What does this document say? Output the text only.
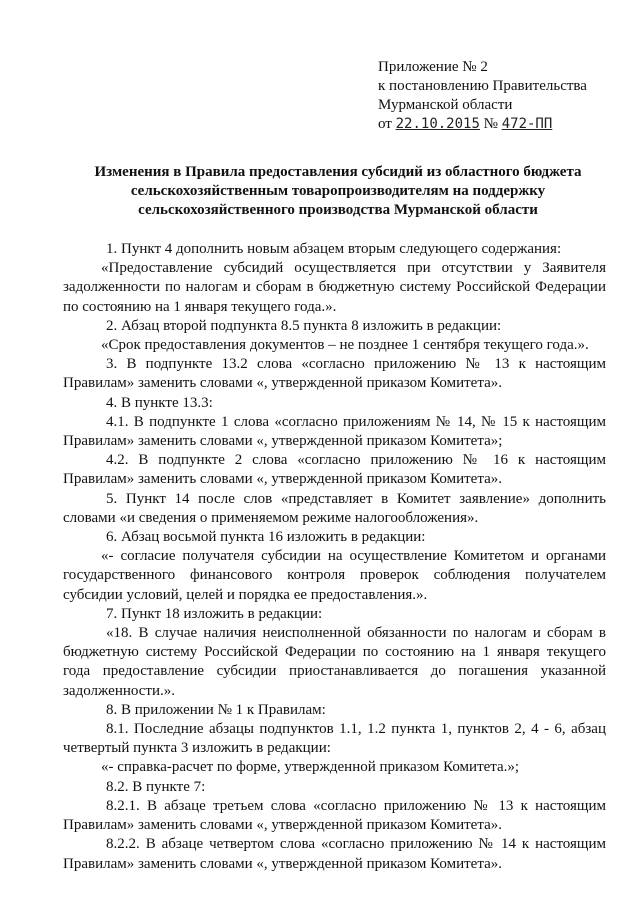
Приложение № 2
к постановлению Правительства
Мурманской области
от 22.10.2015 № 472-ПП
Изменения в Правила предоставления субсидий из областного бюджета
сельскохозяйственным товаропроизводителям на поддержку
сельскохозяйственного производства Мурманской области

1. Пункт 4 дополнить новым абзацем вторым следующего содержания:

«Предоставление субсидий осуществляется при отсутствии у Заявителя задолженности по налогам и сборам в бюджетную систему Российской Федерации по состоянию на 1 января текущего года.».

2. Абзац второй подпункта 8.5 пункта 8 изложить в редакции:

«Срок предоставления документов – не позднее 1 сентября текущего года.».

3. В подпункте 13.2 слова «согласно приложению № 13 к настоящим Правилам» заменить словами «, утвержденной приказом Комитета».

4. В пункте 13.3:

4.1. В подпункте 1 слова «согласно приложениям № 14, № 15 к настоящим Правилам» заменить словами «, утвержденной приказом Комитета»;

4.2. В подпункте 2 слова «согласно приложению № 16 к настоящим Правилам» заменить словами «, утвержденной приказом Комитета».

5. Пункт 14 после слов «представляет в Комитет заявление» дополнить словами «и сведения о применяемом режиме налогообложения».

6. Абзац восьмой пункта 16 изложить в редакции:

«- согласие получателя субсидии на осуществление Комитетом и органами государственного финансового контроля проверок соблюдения получателем субсидии условий, целей и порядка ее предоставления.».

7. Пункт 18 изложить в редакции:

«18. В случае наличия неисполненной обязанности по налогам и сборам в бюджетную систему Российской Федерации по состоянию на 1 января текущего года предоставление субсидии приостанавливается до погашения указанной задолженности.».

8. В приложении № 1 к Правилам:

8.1. Последние абзацы подпунктов 1.1, 1.2 пункта 1, пунктов 2, 4 - 6, абзац четвертый пункта 3 изложить в редакции:

«- справка-расчет по форме, утвержденной приказом Комитета.»;

8.2. В пункте 7:

8.2.1. В абзаце третьем слова «согласно приложению № 13 к настоящим Правилам» заменить словами «, утвержденной приказом Комитета».

8.2.2. В абзаце четвертом слова «согласно приложению № 14 к настоящим Правилам» заменить словами «, утвержденной приказом Комитета».
